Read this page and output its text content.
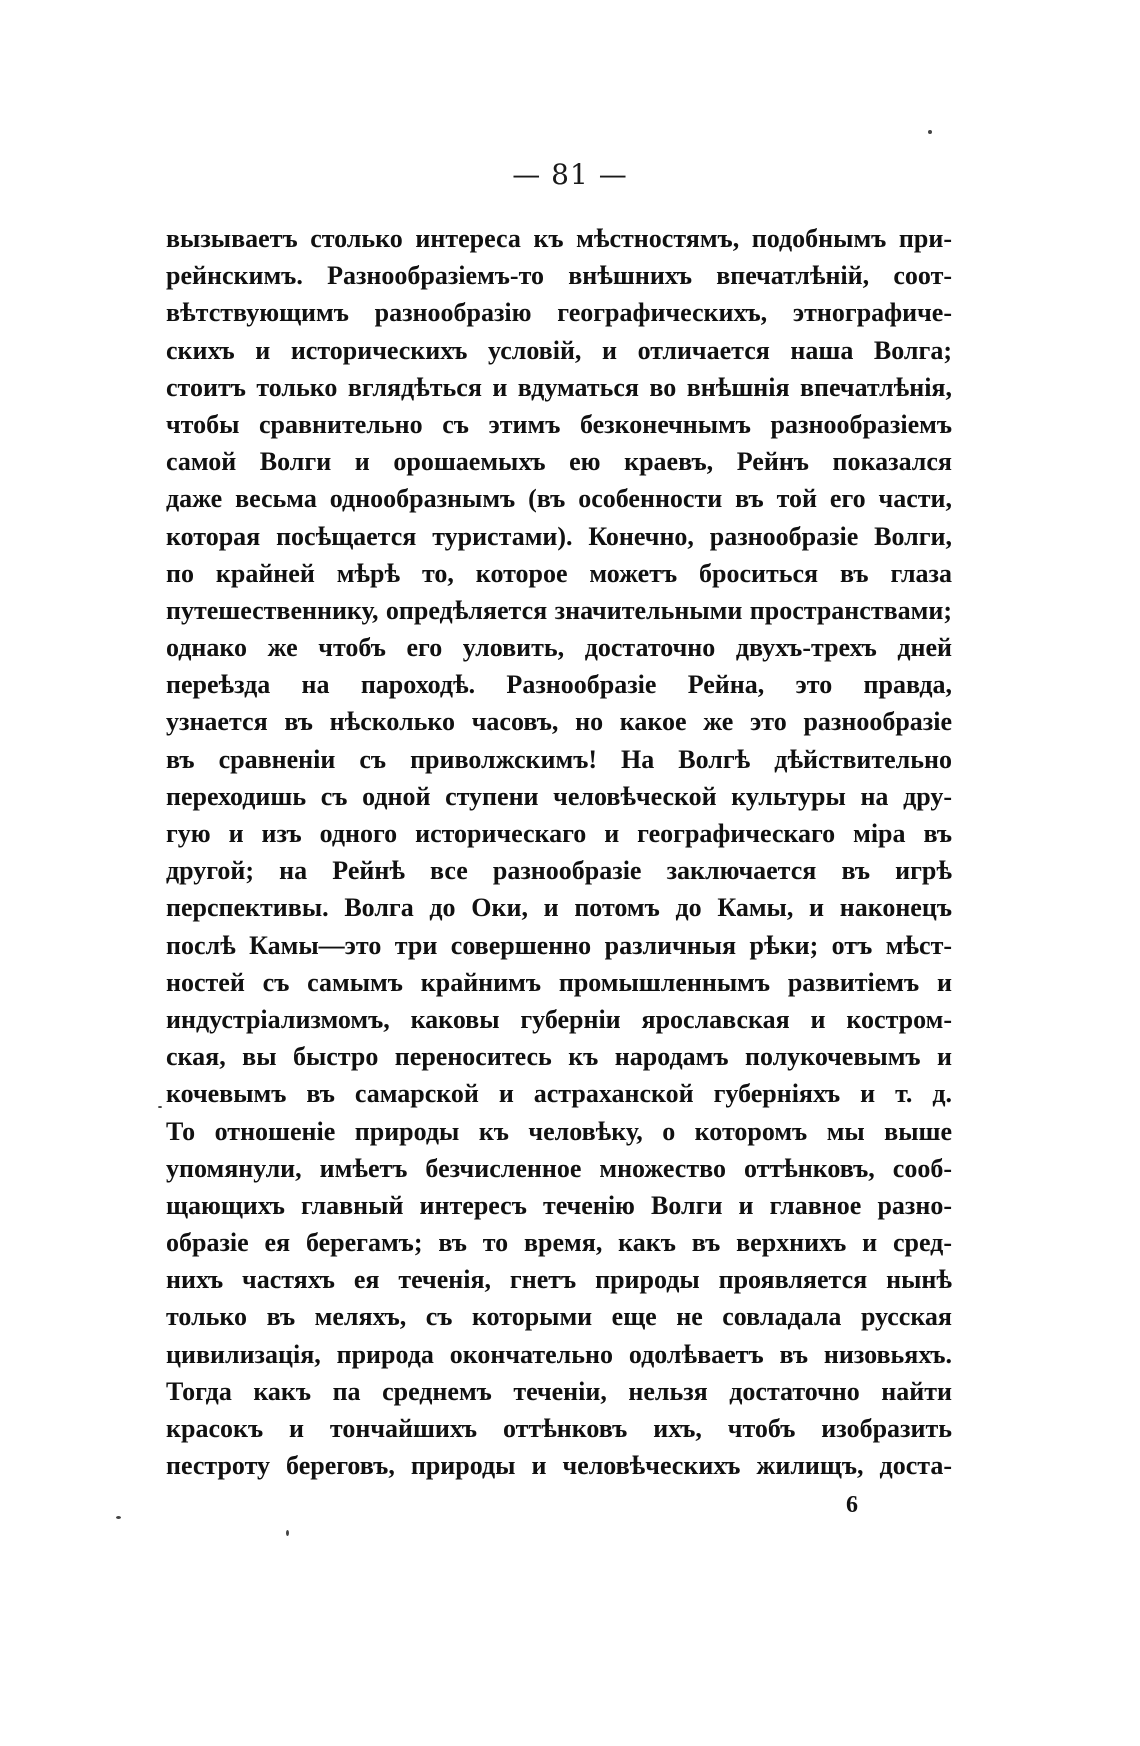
— 81 —
вызываетъ столько интереса къ мѣстностямъ, подобнымъ при-
рейнскимъ. Разнообразіемъ-то внѣшнихъ впечатлѣній, соот-
вѣтствующимъ разнообразію географическихъ, этнографиче-
скихъ и историческихъ условій, и отличается наша Волга;
стоитъ только вглядѣться и вдуматься во внѣшнія впечатлѣнія,
чтобы сравнительно съ этимъ безконечнымъ разнообразіемъ
самой Волги и орошаемыхъ ею краевъ, Рейнъ показался
даже весьма однообразнымъ (въ особенности въ той его части,
которая посѣщается туристами). Конечно, разнообразіе Волги,
по крайней мѣрѣ то, которое можетъ броситься въ глаза
путешественнику, опредѣляется значительными пространствами;
однако же чтобъ его уловить, достаточно двухъ-трехъ дней
переѣзда на пароходѣ. Разнообразіе Рейна, это правда,
узнается въ нѣсколько часовъ, но какое же это разнообразіе
въ сравненіи съ приволжскимъ! На Волгѣ дѣйствительно
переходишь съ одной ступени человѣческой культуры на дру-
гую и изъ одного историческаго и географическаго міра въ
другой; на Рейнѣ все разнообразіе заключается въ игрѣ
перспективы. Волга до Оки, и потомъ до Камы, и наконецъ
послѣ Камы—это три совершенно различныя рѣки; отъ мѣст-
ностей съ самымъ крайнимъ промышленнымъ развитіемъ и
индустріализмомъ, каковы губерніи ярославская и костром-
ская, вы быстро переноситесь къ народамъ полукочевымъ и
кочевымъ въ самарской и астраханской губерніяхъ и т. д.
То отношеніе природы къ человѣку, о которомъ мы выше
упомянули, имѣетъ безчисленное множество оттѣнковъ, сооб-
щающихъ главный интересъ теченію Волги и главное разно-
образіе ея берегамъ; въ то время, какъ въ верхнихъ и сред-
нихъ частяхъ ея теченія, гнетъ природы проявляется нынѣ
только въ меляхъ, съ которыми еще не совладала русская
цивилизація, природа окончательно одолѣваетъ въ низовьяхъ.
Тогда какъ па среднемъ теченіи, нельзя достаточно найти
красокъ и тончайшихъ оттѣнковъ ихъ, чтобъ изобразить
пестроту береговъ, природы и человѣческихъ жилищъ, доста-
6
